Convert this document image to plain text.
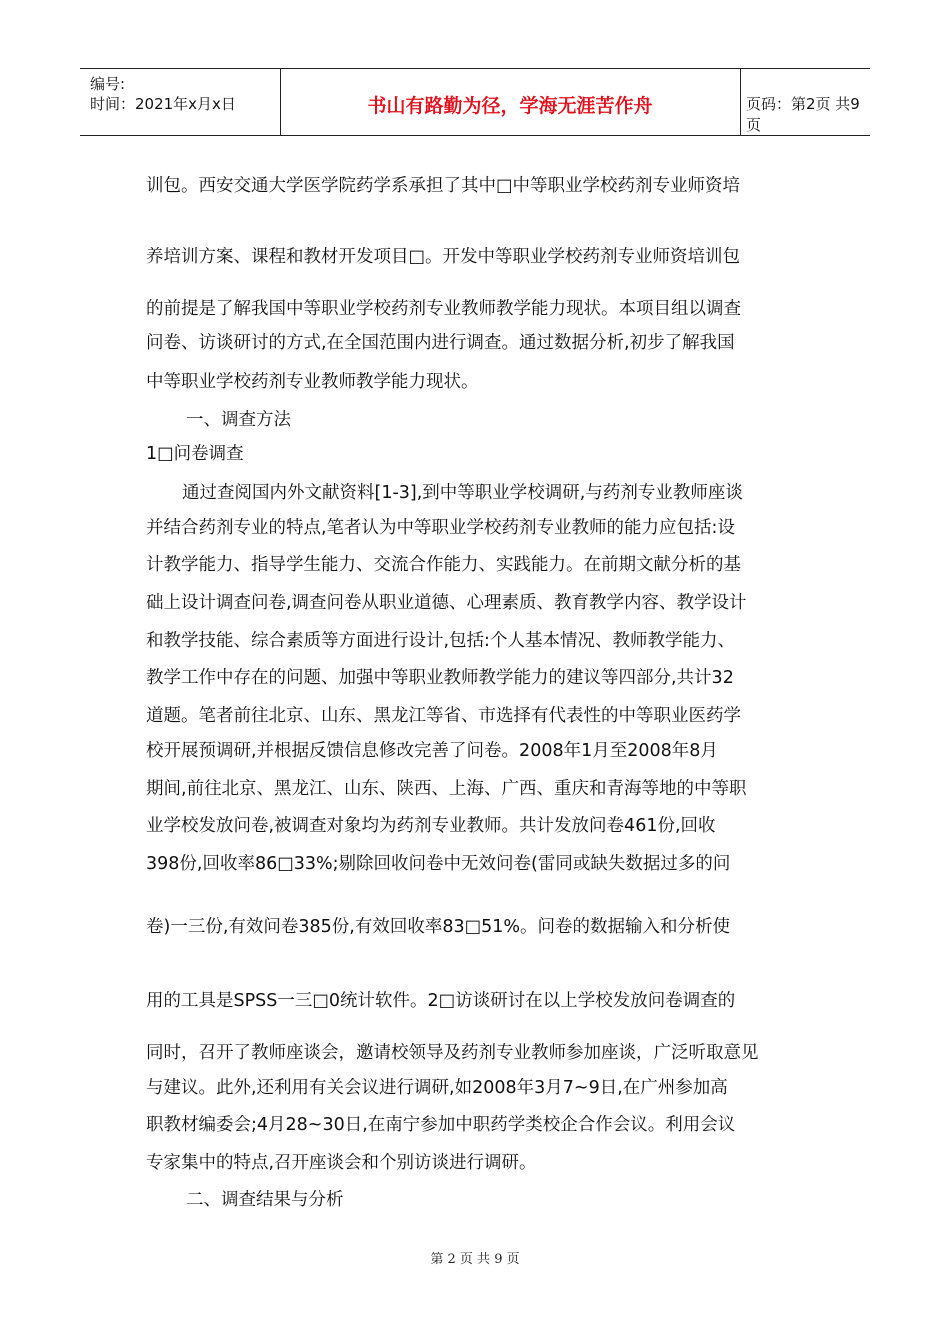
编号:
时间：2021年x月x日	书山有路勤为径，学海无涯苦作舟	页码：第2页 共9页
训包。西安交通大学医学院药学系承担了其中□中等职业学校药剂专业师资培
养培训方案、课程和教材开发项目□。开发中等职业学校药剂专业师资培训包
的前提是了解我国中等职业学校药剂专业教师教学能力现状。本项目组以调查
问卷、访谈研讨的方式,在全国范围内进行调查。通过数据分析,初步了解我国
中等职业学校药剂专业教师教学能力现状。
一、调查方法
1□问卷调查
通过查阅国内外文献资料[1-3],到中等职业学校调研,与药剂专业教师座谈
并结合药剂专业的特点,笔者认为中等职业学校药剂专业教师的能力应包括:设
计教学能力、指导学生能力、交流合作能力、实践能力。在前期文献分析的基
础上设计调查问卷,调查问卷从职业道德、心理素质、教育教学内容、教学设计
和教学技能、综合素质等方面进行设计,包括:个人基本情况、教师教学能力、
教学工作中存在的问题、加强中等职业教师教学能力的建议等四部分,共计32
道题。笔者前往北京、山东、黑龙江等省、市选择有代表性的中等职业医药学
校开展预调研,并根据反馈信息修改完善了问卷。2008年1月至2008年8月
期间,前往北京、黑龙江、山东、陕西、上海、广西、重庆和青海等地的中等职
业学校发放问卷,被调查对象均为药剂专业教师。共计发放问卷461份,回收
398份,回收率86□33%;剔除回收问卷中无效问卷(雷同或缺失数据过多的问
卷)一三份,有效问卷385份,有效回收率83□51%。问卷的数据输入和分析使
用的工具是SPSS一三□0统计软件。2□访谈研讨在以上学校发放问卷调查的
同时，召开了教师座谈会，邀请校领导及药剂专业教师参加座谈，广泛听取意见
与建议。此外,还利用有关会议进行调研,如2008年3月7~9日,在广州参加高
职教材编委会;4月28~30日,在南宁参加中职药学类校企合作会议。利用会议
专家集中的特点,召开座谈会和个别访谈进行调研。
二、调查结果与分析
第 2 页 共 9 页
